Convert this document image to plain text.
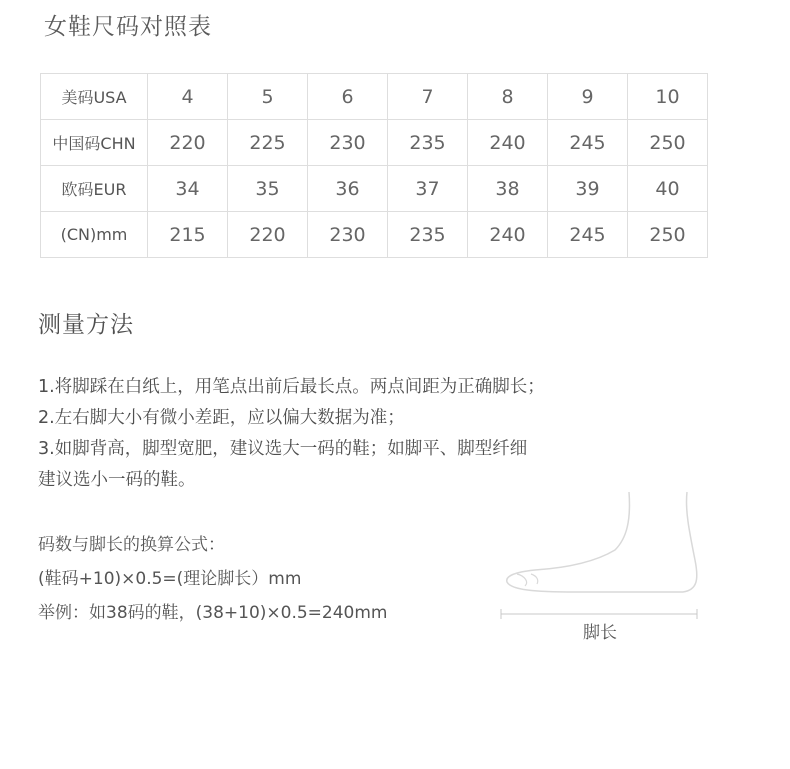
女鞋尺码对照表
美码USA	4	5	6	7	8	9	10
中国码CHN	220	225	230	235	240	245	250
欧码EUR	34	35	36	37	38	39	40
(CN)mm	215	220	230	235	240	245	250
测量方法

1.将脚踩在白纸上，用笔点出前后最长点。两点间距为正确脚长；

2.左右脚大小有微小差距，应以偏大数据为准；

3.如脚背高，脚型宽肥，建议选大一码的鞋；如脚平、脚型纤细

建议选小一码的鞋。

码数与脚长的换算公式：

(鞋码+10)×0.5=(理论脚长）mm

举例：如38码的鞋，(38+10)×0.5=240mm

脚长
